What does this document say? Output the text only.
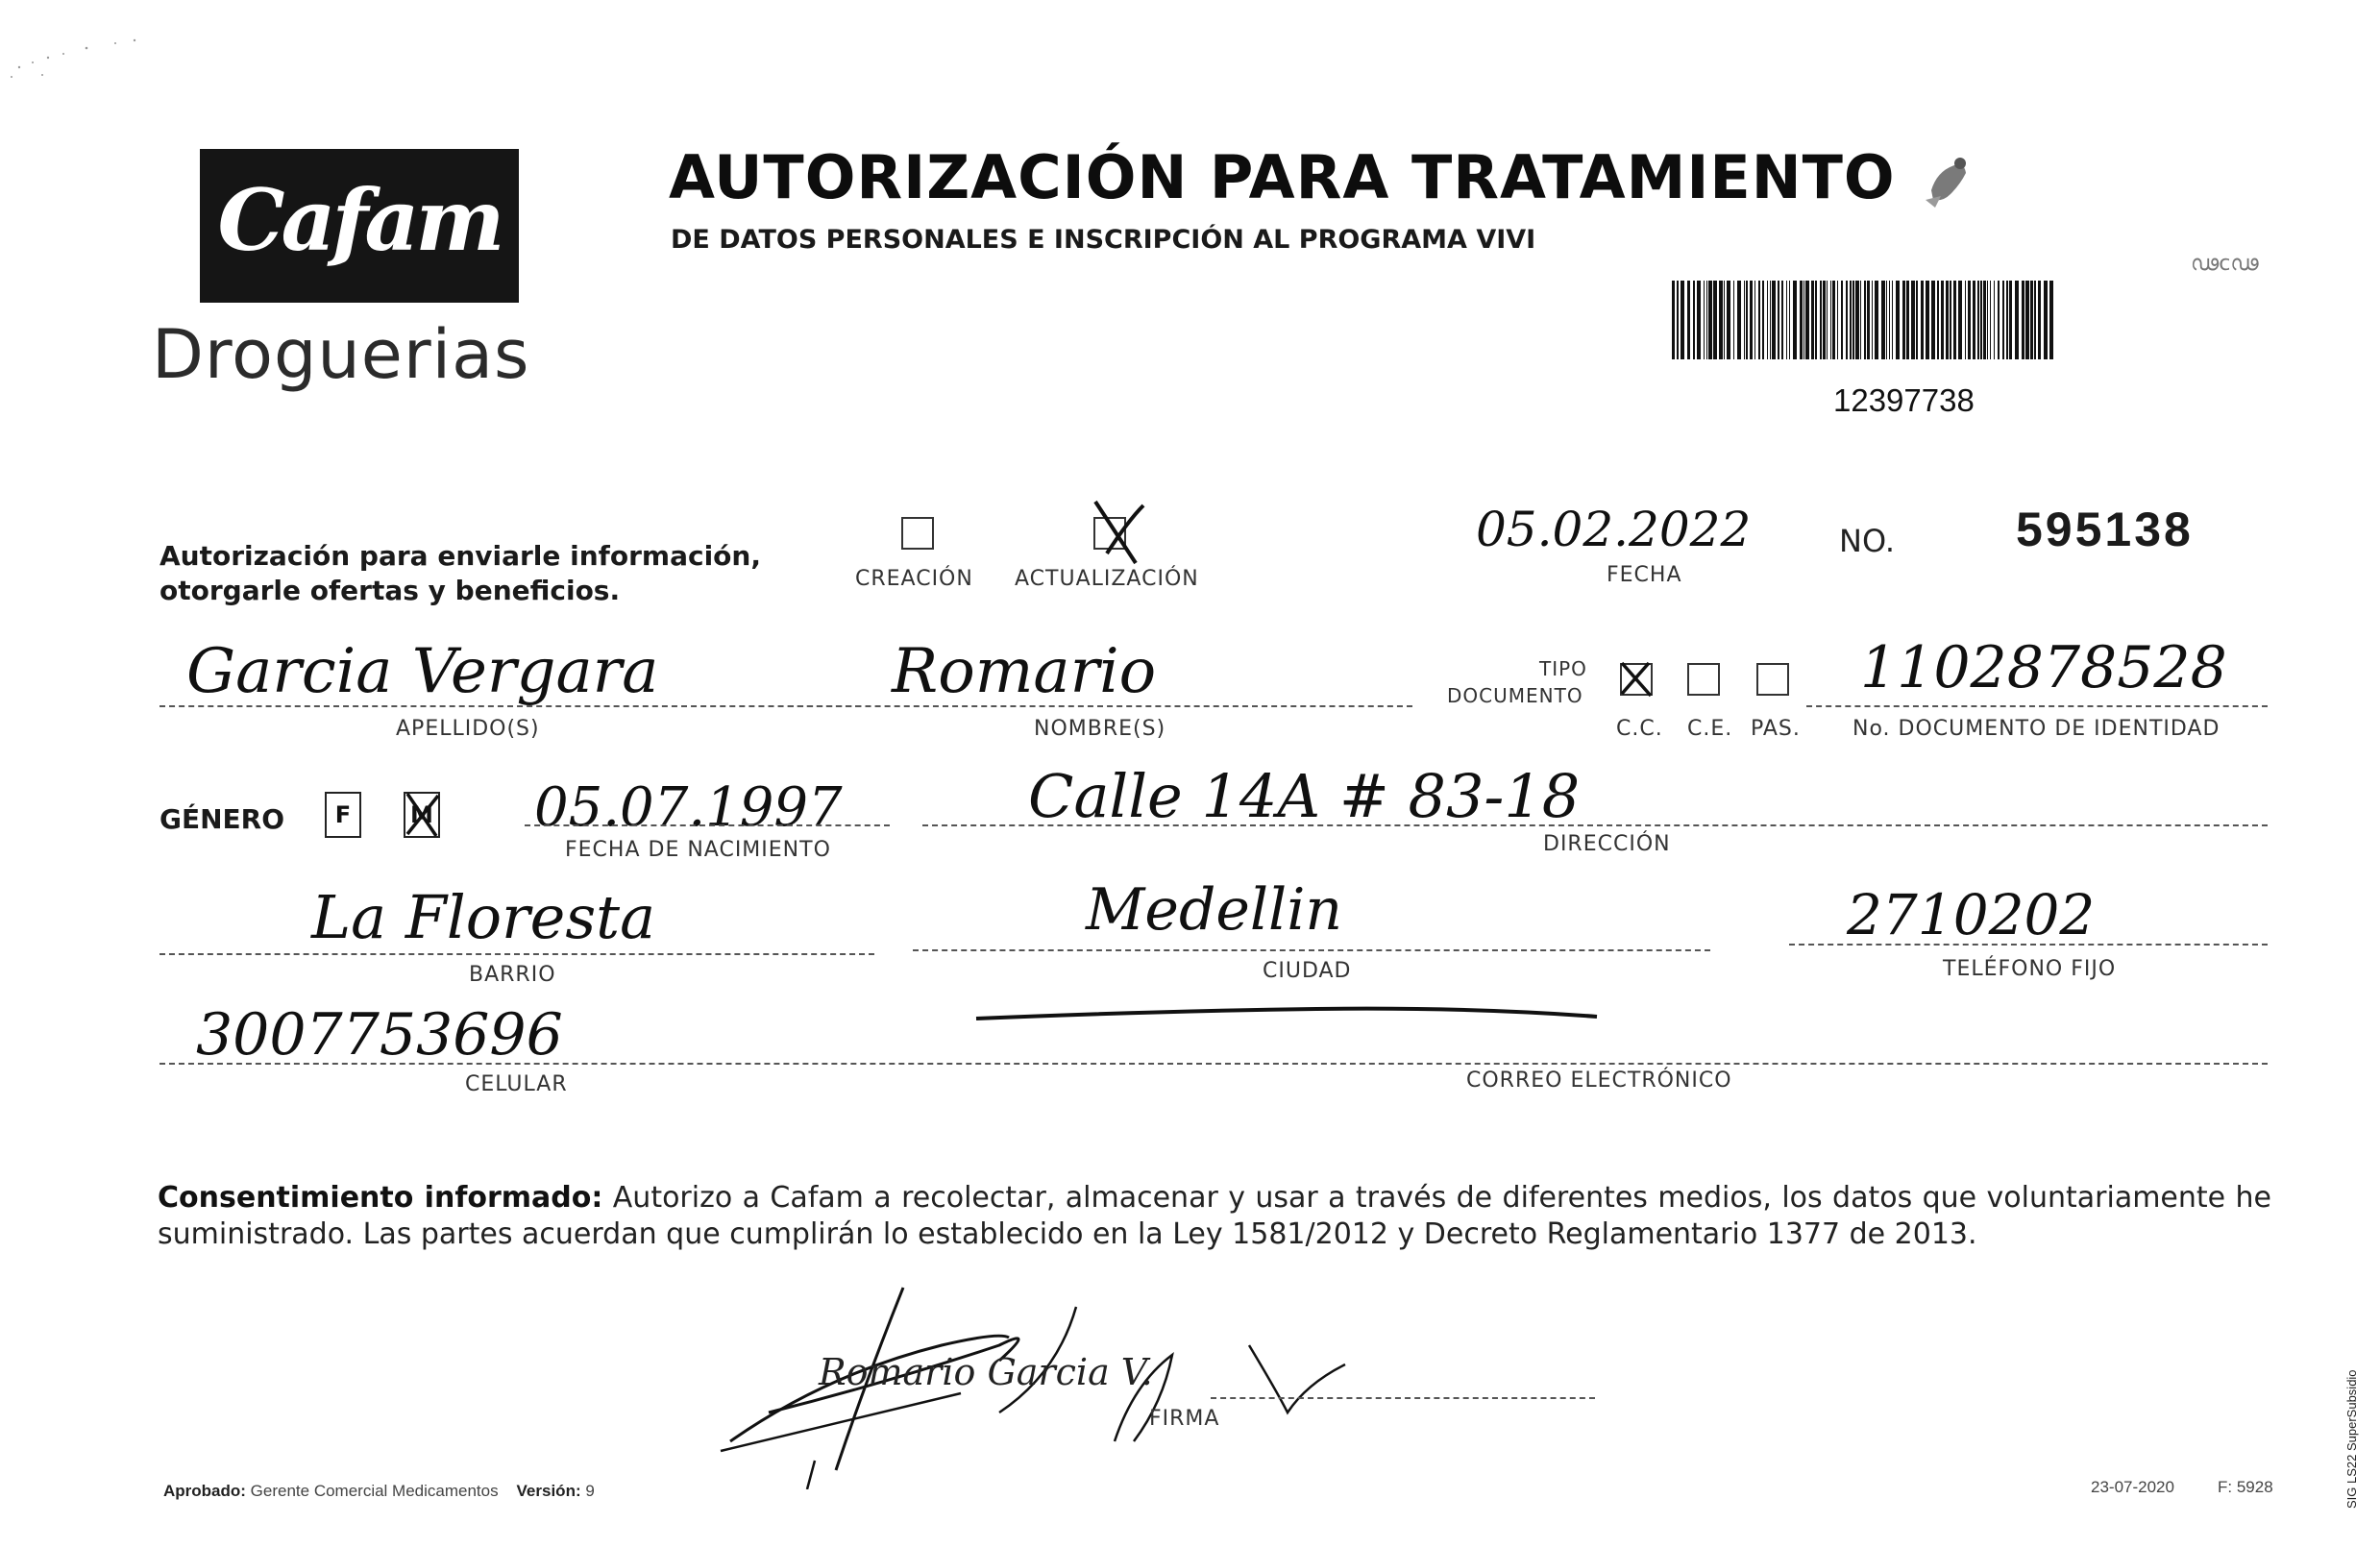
Cafam
Droguerias
AUTORIZACIÓN PARA TRATAMIENTO
DE DATOS PERSONALES E INSCRIPCIÓN AL PROGRAMA VIVI
ഢcഢ
12397738
Autorización para enviarle información,
otorgarle ofertas y beneficios.	CREACIÓN ACTUALIZACIÓN
05.02.2022
FECHA
NO.	595138
Garcia Vergara
APELLIDO(S)
Romario
NOMBRE(S)
TIPO
DOCUMENTO
C.C. C.E. PAS.
1102878528
No. DOCUMENTO DE IDENTIDAD
GÉNERO	F	M 05.07.1997
FECHA DE NACIMIENTO
Calle 14A # 83-18
DIRECCIÓN
La Floresta
BARRIO
Medellin
CIUDAD
2710202
TELÉFONO FIJO
3007753696
CELULAR	CORREO ELECTRÓNICO
Consentimiento informado: Autorizo a Cafam a recolectar, almacenar y usar a través de diferentes medios, los datos que voluntariamente he suministrado. Las partes acuerdan que cumplirán lo establecido en la Ley 1581/2012 y Decreto Reglamentario 1377 de 2013.
Romario Garcia V.
FIRMA
Aprobado: Gerente Comercial Medicamentos Versión: 9	23-07-2020	F: 5928	SIG LS22 SuperSubsidio
